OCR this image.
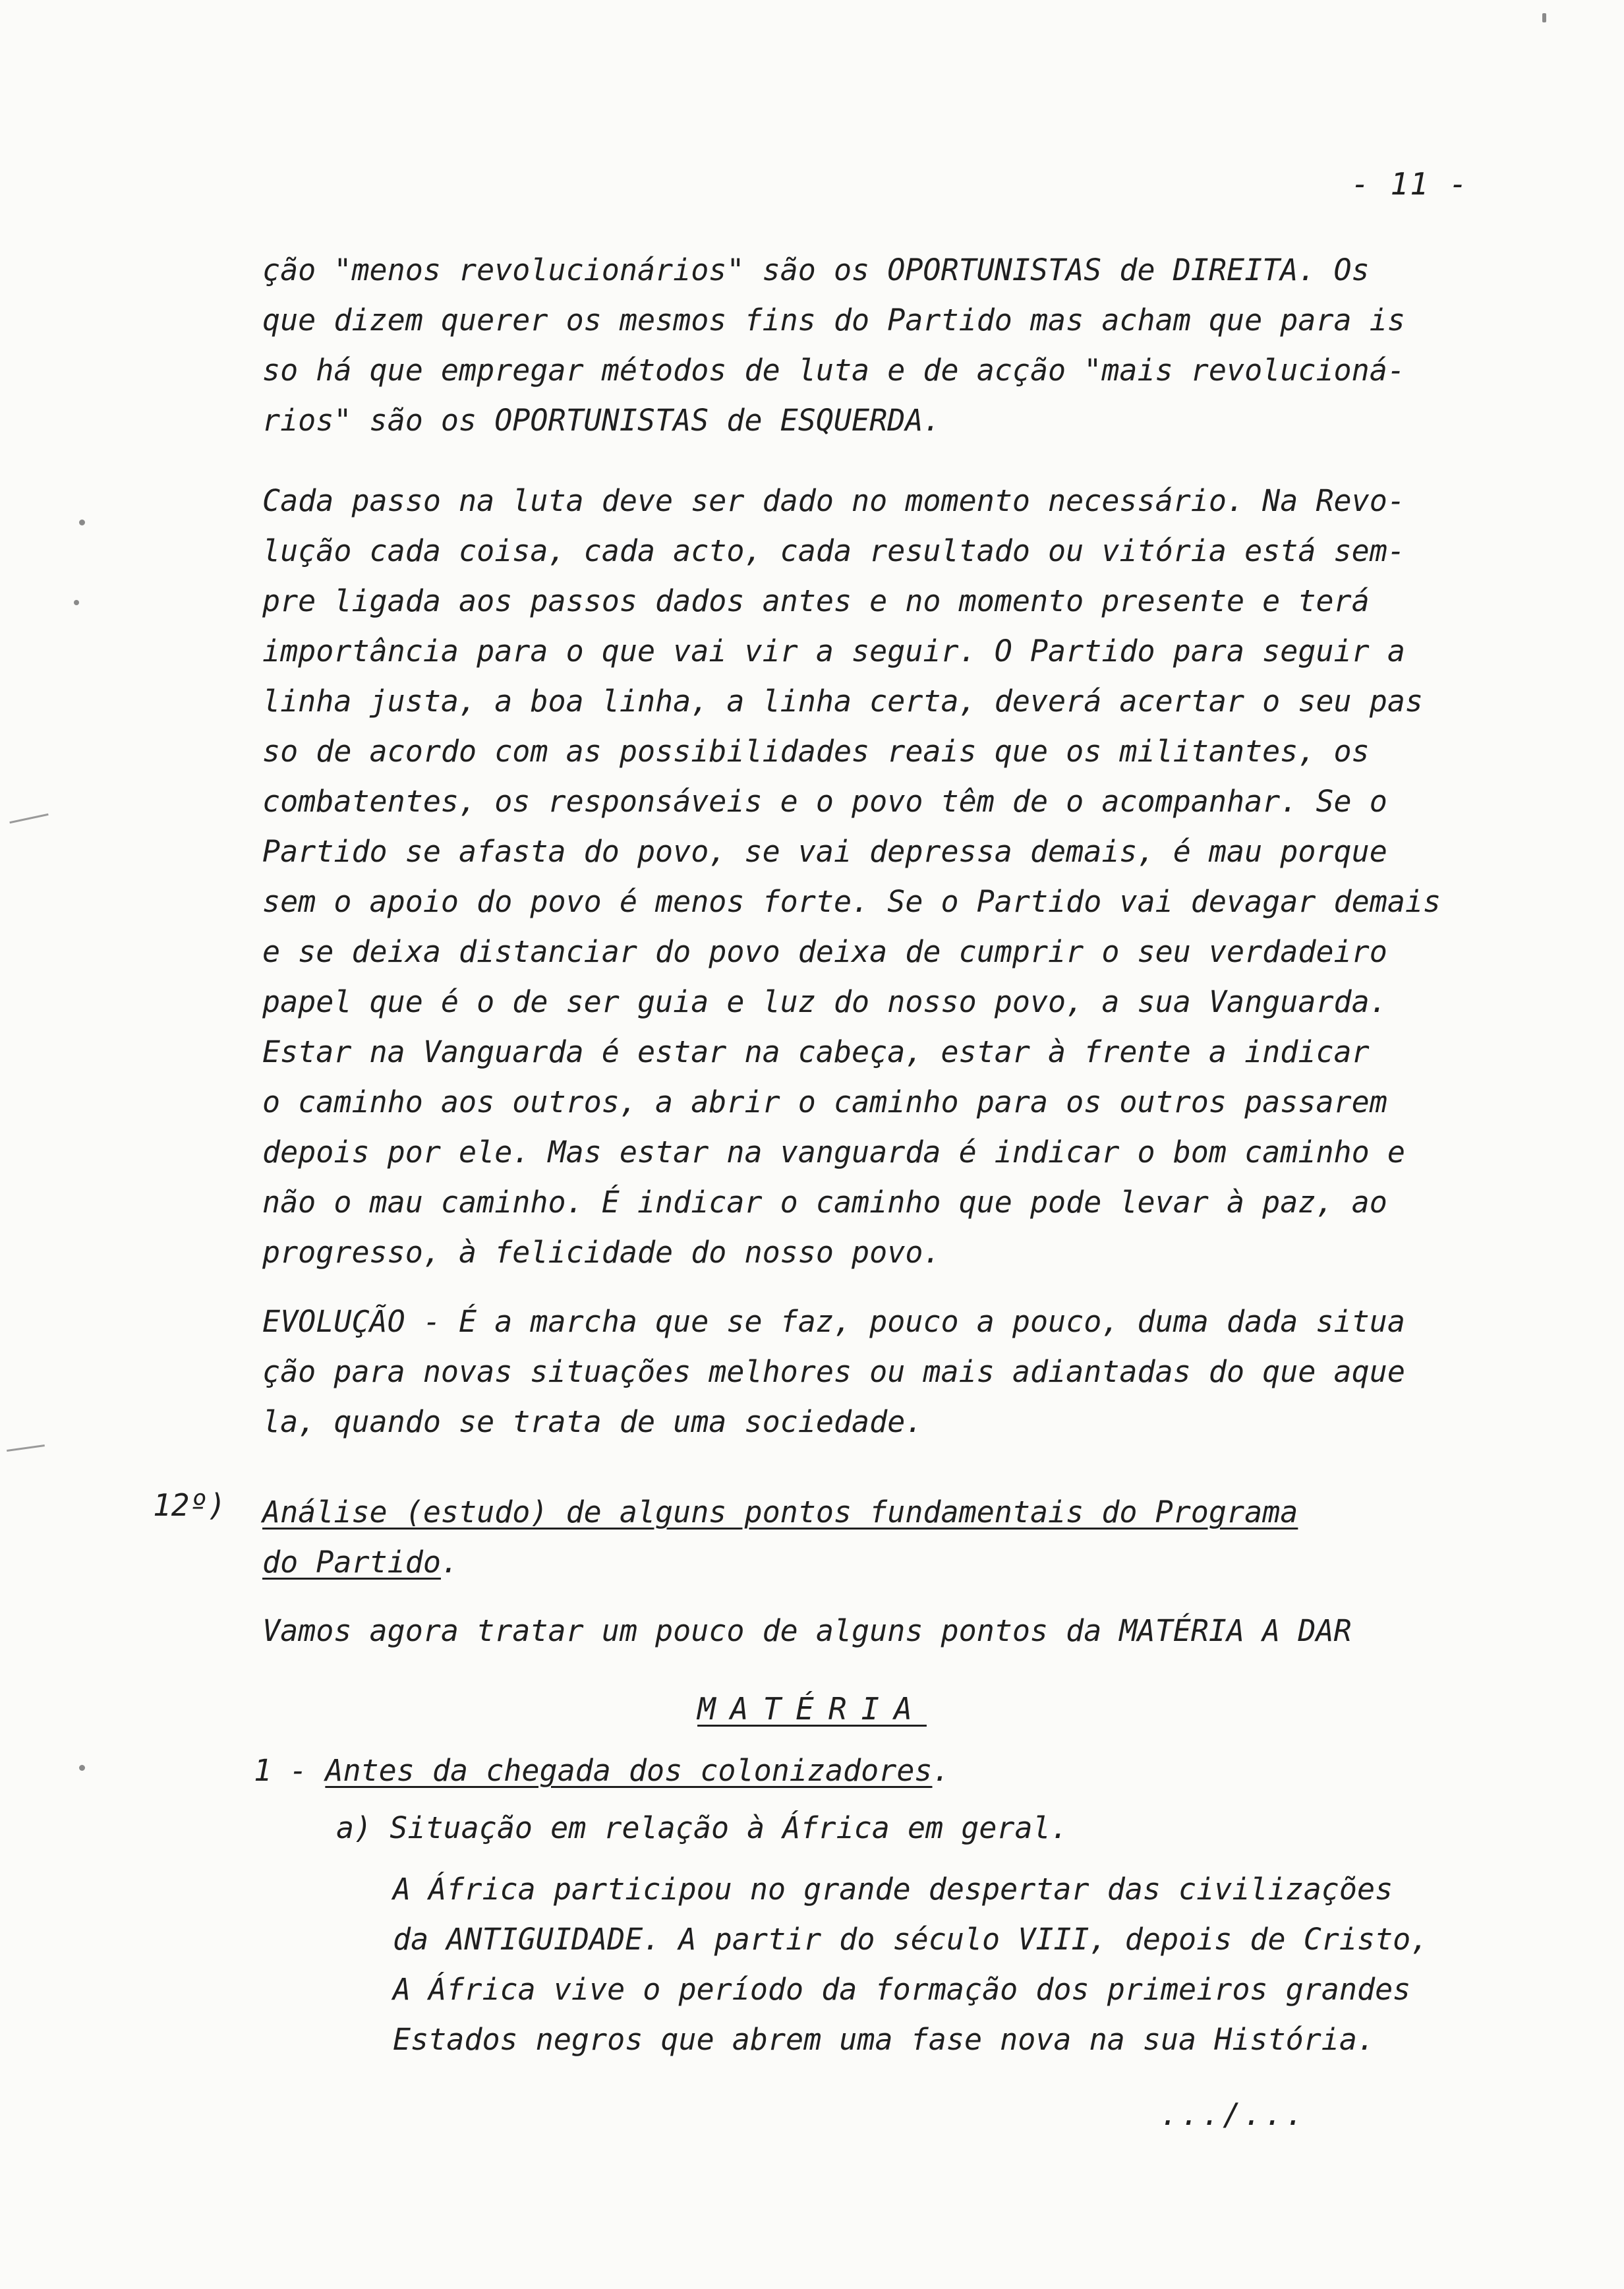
- 11 -
ção "menos revolucionários" são os OPORTUNISTAS de DIREITA. Os
que dizem querer os mesmos fins do Partido mas acham que para is
so há que empregar métodos de luta e de acção "mais revolucioná-
rios" são os OPORTUNISTAS de ESQUERDA.
Cada passo na luta deve ser dado no momento necessário. Na Revo-
lução cada coisa, cada acto, cada resultado ou vitória está sem-
pre ligada aos passos dados antes e no momento presente e terá
importância para o que vai vir a seguir. O Partido para seguir a
linha justa, a boa linha, a linha certa, deverá acertar o seu pas
so de acordo com as possibilidades reais que os militantes, os
combatentes, os responsáveis e o povo têm de o acompanhar. Se o
Partido se afasta do povo, se vai depressa demais, é mau porque
sem o apoio do povo é menos forte. Se o Partido vai devagar demais
e se deixa distanciar do povo deixa de cumprir o seu verdadeiro
papel que é o de ser guia e luz do nosso povo, a sua Vanguarda.
Estar na Vanguarda é estar na cabeça, estar à frente a indicar
o caminho aos outros, a abrir o caminho para os outros passarem
depois por ele. Mas estar na vanguarda é indicar o bom caminho e
não o mau caminho. É indicar o caminho que pode levar à paz, ao
progresso, à felicidade do nosso povo.
EVOLUÇÃO - É a marcha que se faz, pouco a pouco, duma dada situa
ção para novas situações melhores ou mais adiantadas do que aque
la, quando se trata de uma sociedade.
12º) Análise (estudo) de alguns pontos fundamentais do Programa
do Partido.
Vamos agora tratar um pouco de alguns pontos da MATÉRIA A DAR
MATÉRIA
1 - Antes da chegada dos colonizadores.
a) Situação em relação à África em geral.
A África participou no grande despertar das civilizações
da ANTIGUIDADE. A partir do século VIII, depois de Cristo,
A África vive o período da formação dos primeiros grandes
Estados negros que abrem uma fase nova na sua História.
.../...
